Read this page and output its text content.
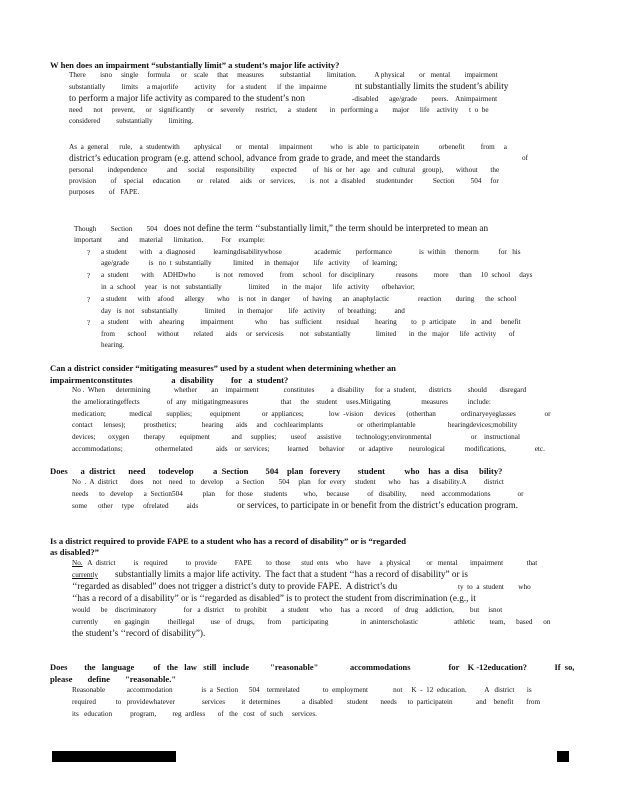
W hen does an impairment “substantially limit” a student’s major life activity?
There        isno     single     formula      or    scale     that     measures         substantial         limitation.          A physical        or   mental        impairment
substantially         limits     a majorlife         activity      for   a student      if  the   impairme	nt substantially limits the student’s ability
to perform a major life activity as compared to the student’s non	-disabled      age/grade        peers.    Animpairment
need      not     prevent,      or    significantly       or    severely      restrict,      a   student       in   performing a        major      life    activity      t  o  be
considered         substantially         limiting.
As  a  general      rule,    a  studentwith        aphysical        or    mental      impairment          who   is  able   to  participatein           orbenefit         from     a
district’s education program (e.g. attend school, advance from grade to grade, and meet the standards	of
personal        independence           and      social      responsibility         expected         of   his  or  her   age    and   cultural    group),       without       the
provision        of    special     education         or    related      aids    or   services,        is   not   a  disabled      studentunder           Section         504     for
purposes        of   FAPE.
Though        Section        504 does not define the term ‘‘substantially limit,” the term should be interpreted to mean an
important         and      material      limitation.          For    example:
? a student       with    a  diagnosed          learningdisabilitywhose                  academic        performance               is  within     thenorm           for   his
age/grade           is   no  t  substantially            limited      in  themajor        life   activity       of  learning;
? a  student       with     ADHDwho           is  not   removed         from     school    for  disciplinary            reasons         more      than     10  school     days
in  a  school     year   is  not   substantially               limited       in   the  major      life   activity       ofbehavior;
? a student      with    afood      allergy       who     is  not   in  danger       of  having      an  anaphylactic                reaction        during      the  school
day   is  not    substantially               limited       in  themajor         life   activity       of  breathing;          and
? a  student      with    ahearing         impairment            who       has   sufficient        residual         hearing        to   p  articipate        in   and     benefit
from       school      without        related       aids     or  servicesis         not   substantially              limited       in  the   major      life   activity       of
hearing.
Can a district consider “mitigating measures” used by a student when determining whether an
impairmentconstitutes                  a  disability        for   a  student?
No .  When      determining             whether        an    impairment              constitutes         a  disability      for  a  student,       districts         should       disregard
the  amelioratingeffects               of  any   mitigatingmeasures                  that     the    student     uses.Mitigating                 measures           include:
medication;             medical        supplies;          equipment            or  appliances;              low  -vision      devices      (otherthan              ordinaryeyeglasses                or
contact      lenses);          prosthetics;              hearing       aids     and    cochlearimplants                   or  otherimplantable                  hearingdevices;mobility
devices;       oxygen        therapy        equipment            and     supplies;        useof      assistive        technology;environmental                      or    instructional
accommodations;                  othermelated             aids    or  services;          learned      behavior        or  adaptive         neurological           modifications,                etc.
Does      a  district      need      todevelop         a  Section        504    plan   forevery        student         who    has  a  disa     bility?
No  .  A  district       does     not    need    to   develop       a  Section        504     plan    for  every     student       who     has    a  disability.A          district
needs      to   develop      a  Section504           plan      for  those      students         who,     because          of   disability,        need    accommodations               or
some      other     type     ofrelated          aids	or services, to participate in or benefit from the district’s education program.
Is a district required to provide FAPE to a student who has a record of disability” or is “regarded
as disabled?”
No. A  district          is   required          to  provide          FAPE        to  those      stud  ents    who     have     a  physical         or   mental       impairment             that
currently substantially limits a major life activity.  The fact that a student ‘‘has a record of disability” or is
‘‘regarded as disabled” does not trigger a district’s duty to provide FAPE.  A district’s du	ty  to  a  student        who
‘‘has a record of a disability” or is ‘‘regarded as disabled” is to protect the student from discrimination (e.g., it
would      be    discriminatory               for   a  district      to  prohibit        a  student      who     has   a   record      of   drug    addiction,         but     isnot
currently         en  gagingin          theillegal         use   of   drugs,       from      participating                  in  aninterscholastic                    athletic        team,      based      on
the student’s ‘‘record of disability”).
Does        the   language         of   the   law   still   include          "reasonable"               accommodations                  for    K -12education?             If  so,
please       define       "reasonable."
Reasonable            accommodation                is  a  Section      504    termrelated             to  employment              not     K  -  12  education.          A   district       is
required           to   providewhatever               services         it  determines            a  disabled        student       needs      to  participatein             and    benefit       from
its   education          program,         reg  ardless       of   the   cost   of  such     services.
